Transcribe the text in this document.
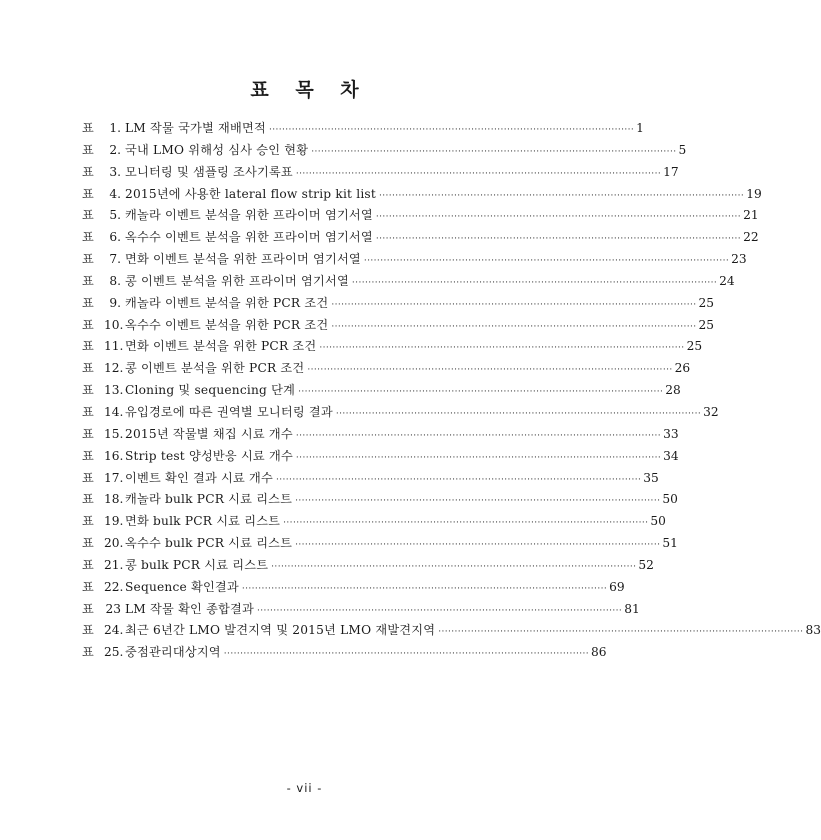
표 목 차
표	1. LM 작물 국가별 재배면적 ·····	1
표	2. 국내 LMO 위해성 심사 승인 현황 ·····	5
표	3. 모니터링 및 샘플링 조사기록표 ·····	17
표	4. 2015년에 사용한 lateral flow strip kit list ·····	19
표	5. 캐놀라 이벤트 분석을 위한 프라이머 염기서열 ·····	21
표	6. 옥수수 이벤트 분석을 위한 프라이머 염기서열 ·····	22
표	7. 면화 이벤트 분석을 위한 프라이머 염기서열 ·····	23
표	8. 콩 이벤트 분석을 위한 프라이머 염기서열 ·····	24
표	9. 캐놀라 이벤트 분석을 위한 PCR 조건 ·····	25
표 10. 옥수수 이벤트 분석을 위한 PCR 조건 ·····	25
표 11. 면화 이벤트 분석을 위한 PCR 조건 ·····	25
표 12. 콩 이벤트 분석을 위한 PCR 조건 ·····	26
표 13. Cloning 및 sequencing 단계 ·····	28
표 14. 유입경로에 따른 권역별 모니터링 결과 ·····	32
표 15. 2015년 작물별 채집 시료 개수 ·····	33
표 16. Strip test 양성반응 시료 개수 ·····	34
표 17. 이벤트 확인 결과 시료 개수 ·····	35
표 18. 캐놀라 bulk PCR 시료 리스트 ·····	50
표 19. 면화 bulk PCR 시료 리스트 ·····	50
표 20. 옥수수 bulk PCR 시료 리스트 ·····	51
표 21. 콩 bulk PCR 시료 리스트 ·····	52
표 22. Sequence 확인결과 ·····	69
표 23 LM 작물 확인 종합결과 ·····	81
표 24. 최근 6년간 LMO 발견지역 및 2015년 LMO 재발견지역 ·····	83
표 25. 중점관리대상지역 ·····	86
- vii -
